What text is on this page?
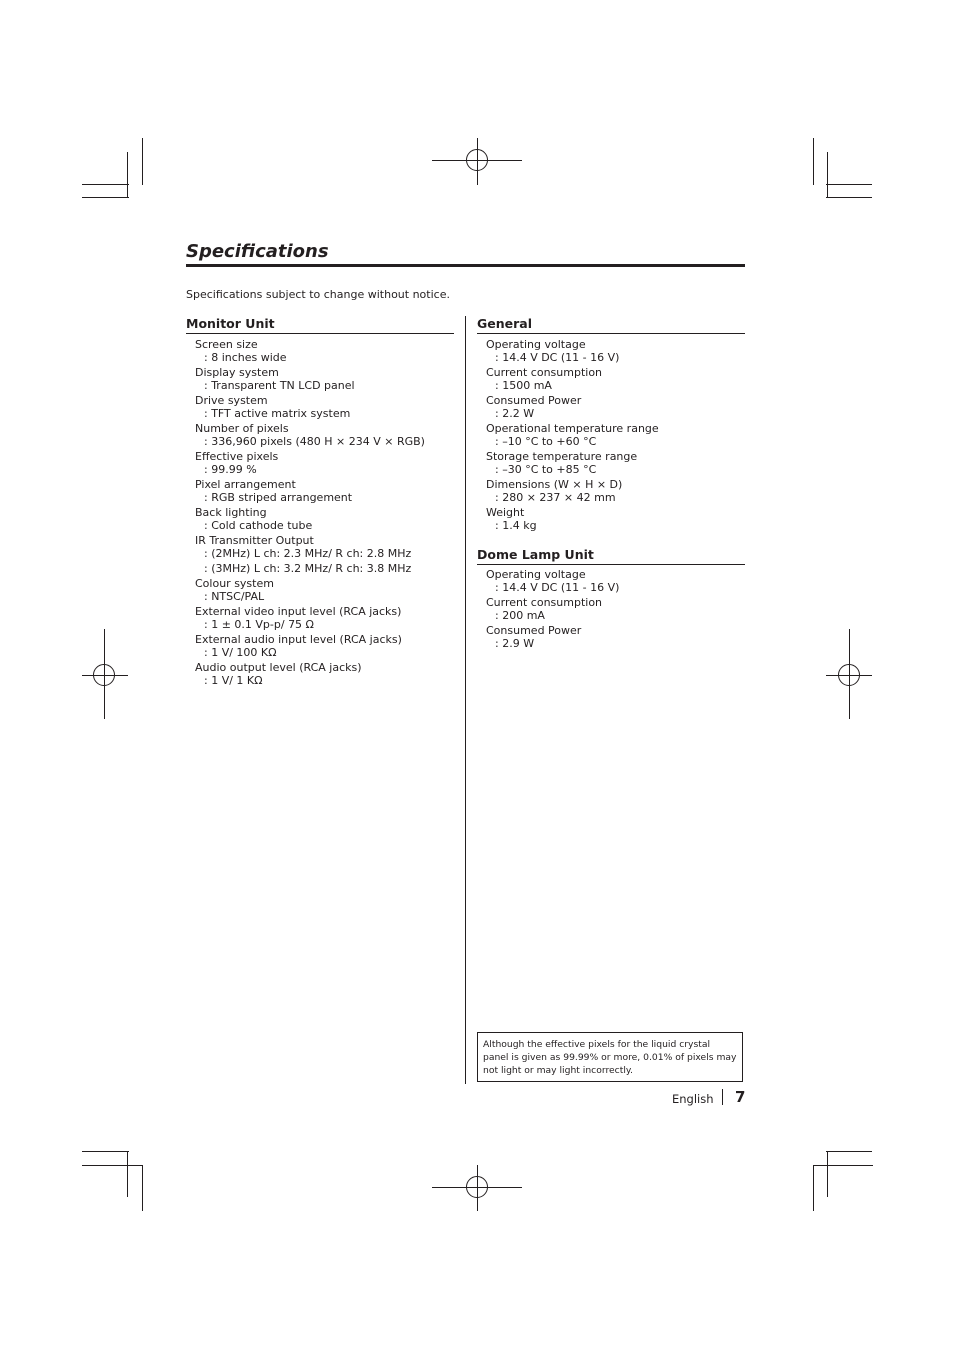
Specifications
Specifications subject to change without notice.
Monitor Unit
Screen size
: 8 inches wide
Display system
: Transparent TN LCD panel
Drive system
: TFT active matrix system
Number of pixels
: 336,960 pixels (480 H × 234 V × RGB)
Effective pixels
: 99.99 %
Pixel arrangement
: RGB striped arrangement
Back lighting
: Cold cathode tube
IR Transmitter Output
: (2MHz) L ch: 2.3 MHz/ R ch: 2.8 MHz
: (3MHz) L ch: 3.2 MHz/ R ch: 3.8 MHz
Colour system
: NTSC/PAL
External video input level (RCA jacks)
: 1 ± 0.1 Vp-p/ 75 Ω
External audio input level (RCA jacks)
: 1 V/ 100 KΩ
Audio output level (RCA jacks)
: 1 V/ 1 KΩ
General
Operating voltage
: 14.4 V DC (11 - 16 V)
Current consumption
: 1500 mA
Consumed Power
: 2.2 W
Operational temperature range
: –10 °C to +60 °C
Storage temperature range
: –30 °C to +85 °C
Dimensions (W × H × D)
: 280 × 237 × 42 mm
Weight
: 1.4 kg
Dome Lamp Unit
Operating voltage
: 14.4 V DC (11 - 16 V)
Current consumption
: 200 mA
Consumed Power
: 2.9 W
Although the effective pixels for the liquid crystal panel is given as 99.99% or more, 0.01% of pixels may not light or may light incorrectly.
English 7
